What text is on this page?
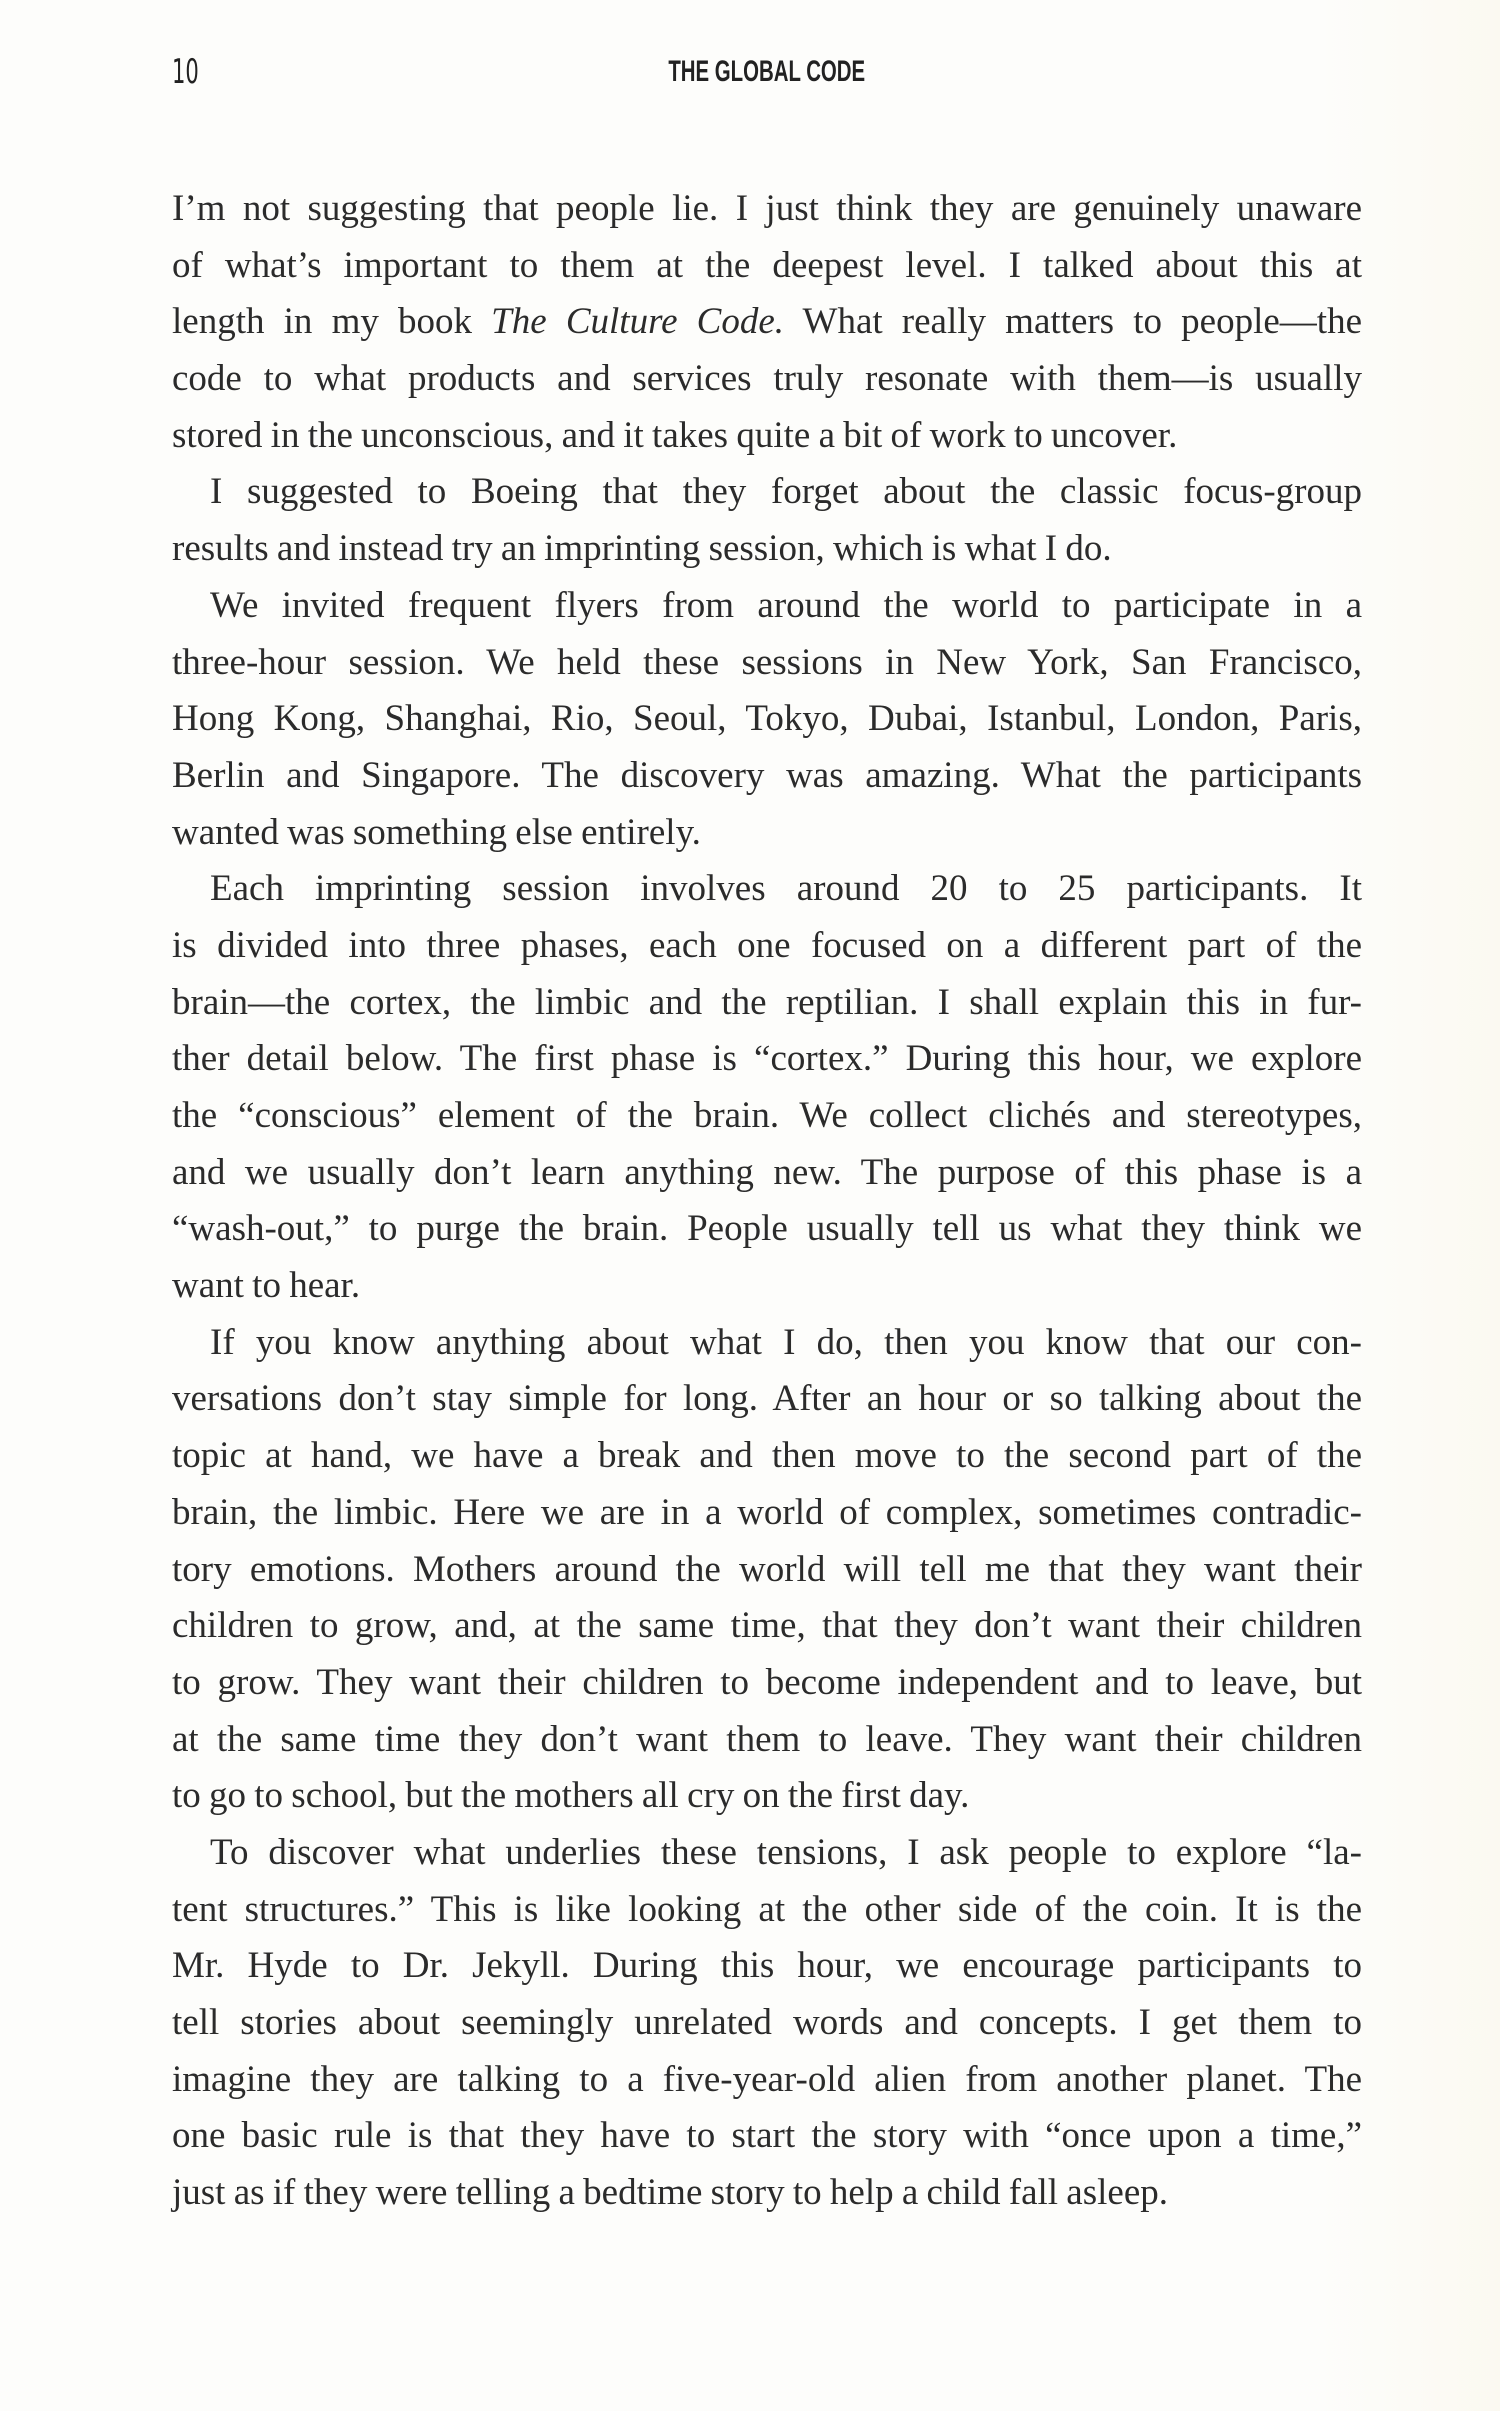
10	THE GLOBAL CODE
I’m not suggesting that people lie. I just think they are genuinely unaware
of what’s important to them at the deepest level. I talked about this at
length in my book The Culture Code. What really matters to people—the
code to what products and services truly resonate with them—is usually
stored in the unconscious, and it takes quite a bit of work to uncover.
I suggested to Boeing that they forget about the classic focus-group
results and instead try an imprinting session, which is what I do.
We invited frequent flyers from around the world to participate in a
three-hour session. We held these sessions in New York, San Francisco,
Hong Kong, Shanghai, Rio, Seoul, Tokyo, Dubai, Istanbul, London, Paris,
Berlin and Singapore. The discovery was amazing. What the participants
wanted was something else entirely.
Each imprinting session involves around 20 to 25 participants. It
is divided into three phases, each one focused on a different part of the
brain—the cortex, the limbic and the reptilian. I shall explain this in fur-
ther detail below. The first phase is “cortex.” During this hour, we explore
the “conscious” element of the brain. We collect clichés and stereotypes,
and we usually don’t learn anything new. The purpose of this phase is a
“wash-out,” to purge the brain. People usually tell us what they think we
want to hear.
If you know anything about what I do, then you know that our con-
versations don’t stay simple for long. After an hour or so talking about the
topic at hand, we have a break and then move to the second part of the
brain, the limbic. Here we are in a world of complex, sometimes contradic-
tory emotions. Mothers around the world will tell me that they want their
children to grow, and, at the same time, that they don’t want their children
to grow. They want their children to become independent and to leave, but
at the same time they don’t want them to leave. They want their children
to go to school, but the mothers all cry on the first day.
To discover what underlies these tensions, I ask people to explore “la-
tent structures.” This is like looking at the other side of the coin. It is the
Mr. Hyde to Dr. Jekyll. During this hour, we encourage participants to
tell stories about seemingly unrelated words and concepts. I get them to
imagine they are talking to a five-year-old alien from another planet. The
one basic rule is that they have to start the story with “once upon a time,”
just as if they were telling a bedtime story to help a child fall asleep.
